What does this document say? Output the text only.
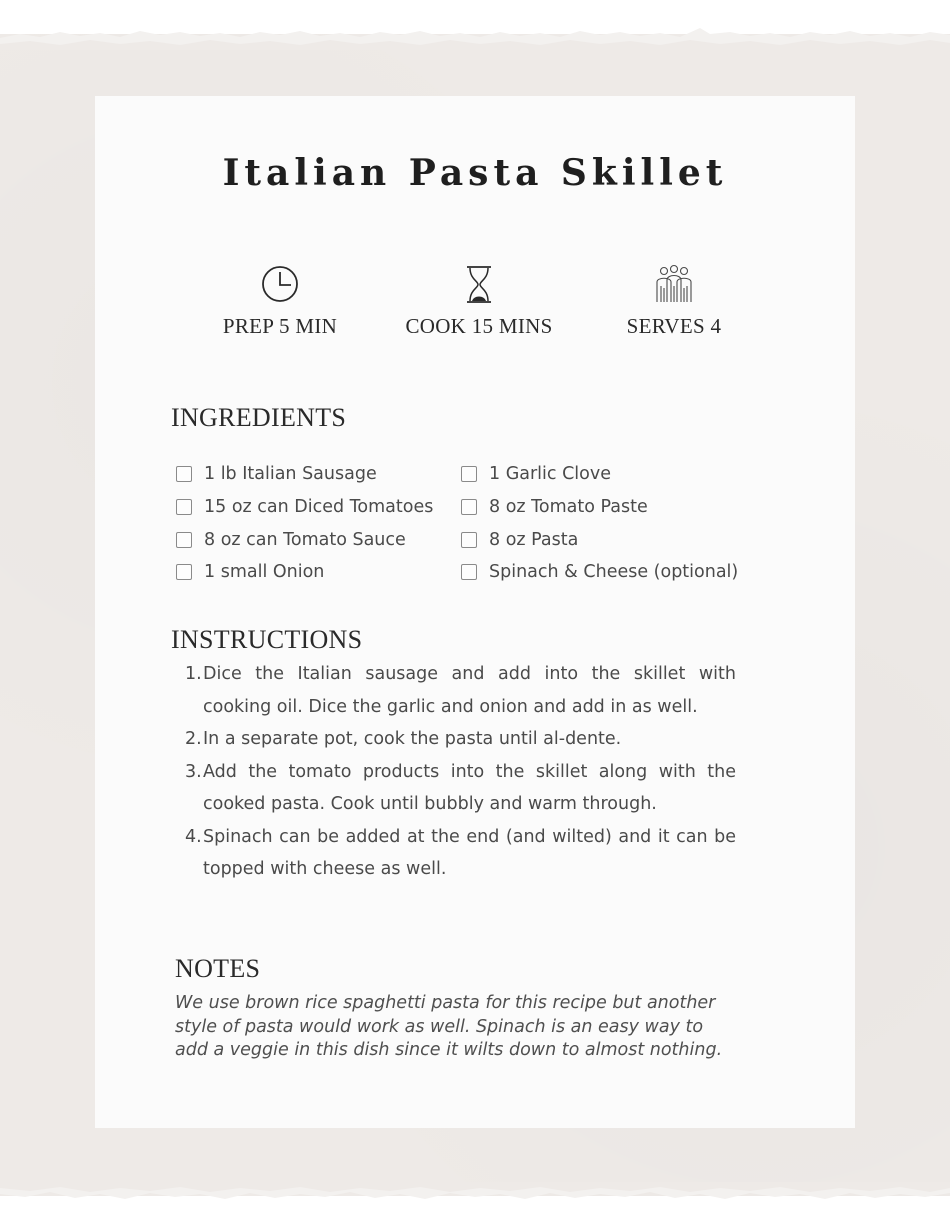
Italian Pasta Skillet
PREP 5 MIN	COOK 15 MINS	SERVES 4
INGREDIENTS
1 lb Italian Sausage
15 oz can Diced Tomatoes
8 oz can Tomato Sauce
1 small Onion
1 Garlic Clove
8 oz Tomato Paste
8 oz Pasta
Spinach & Cheese (optional)
INSTRUCTIONS
1. Dice the Italian sausage and add into the skillet with cooking oil. Dice the garlic and onion and add in as well.
2. In a separate pot, cook the pasta until al-dente.
3. Add the tomato products into the skillet along with the cooked pasta. Cook until bubbly and warm through.
4. Spinach can be added at the end (and wilted) and it can be topped with cheese as well.
NOTES
We use brown rice spaghetti pasta for this recipe but another style of pasta would work as well. Spinach is an easy way to add a veggie in this dish since it wilts down to almost nothing.
